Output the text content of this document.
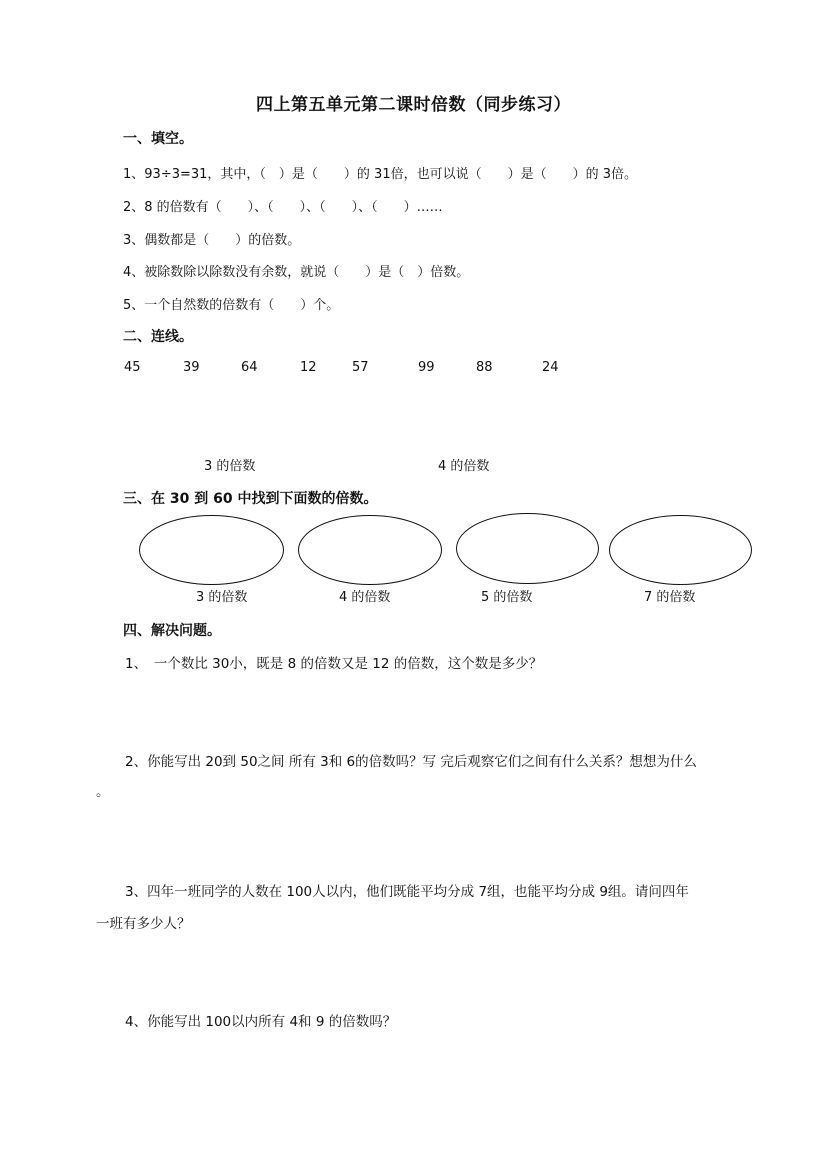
四上第五单元第二课时倍数（同步练习）
一、填空。
1、93÷3=31，其中，（　）是（　　）的 31倍，也可以说（　　）是（　　）的 3倍。
2、8 的倍数有（　　）、（　　）、（　　）、（　　）……
3、偶数都是（　　）的倍数。
4、被除数除以除数没有余数，就说（　　）是（　）倍数。
5、一个自然数的倍数有（　　）个。
二、连线。
45	39	64	12	57	99	88	24
3 的倍数	4 的倍数
三、在 30 到 60 中找到下面数的倍数。
3 的倍数	4 的倍数	5 的倍数	7 的倍数
四、解决问题。
1、　一个数比 30小，既是 8 的倍数又是 12 的倍数，这个数是多少？
2、你能写出 20到 50之间 所有 3和 6的倍数吗？写 完后观察它们之间有什么关系？想想为什么
。
3、四年一班同学的人数在 100人以内，他们既能平均分成 7组，也能平均分成 9组。请问四年
一班有多少人？
4、你能写出 100以内所有 4和 9 的倍数吗？
